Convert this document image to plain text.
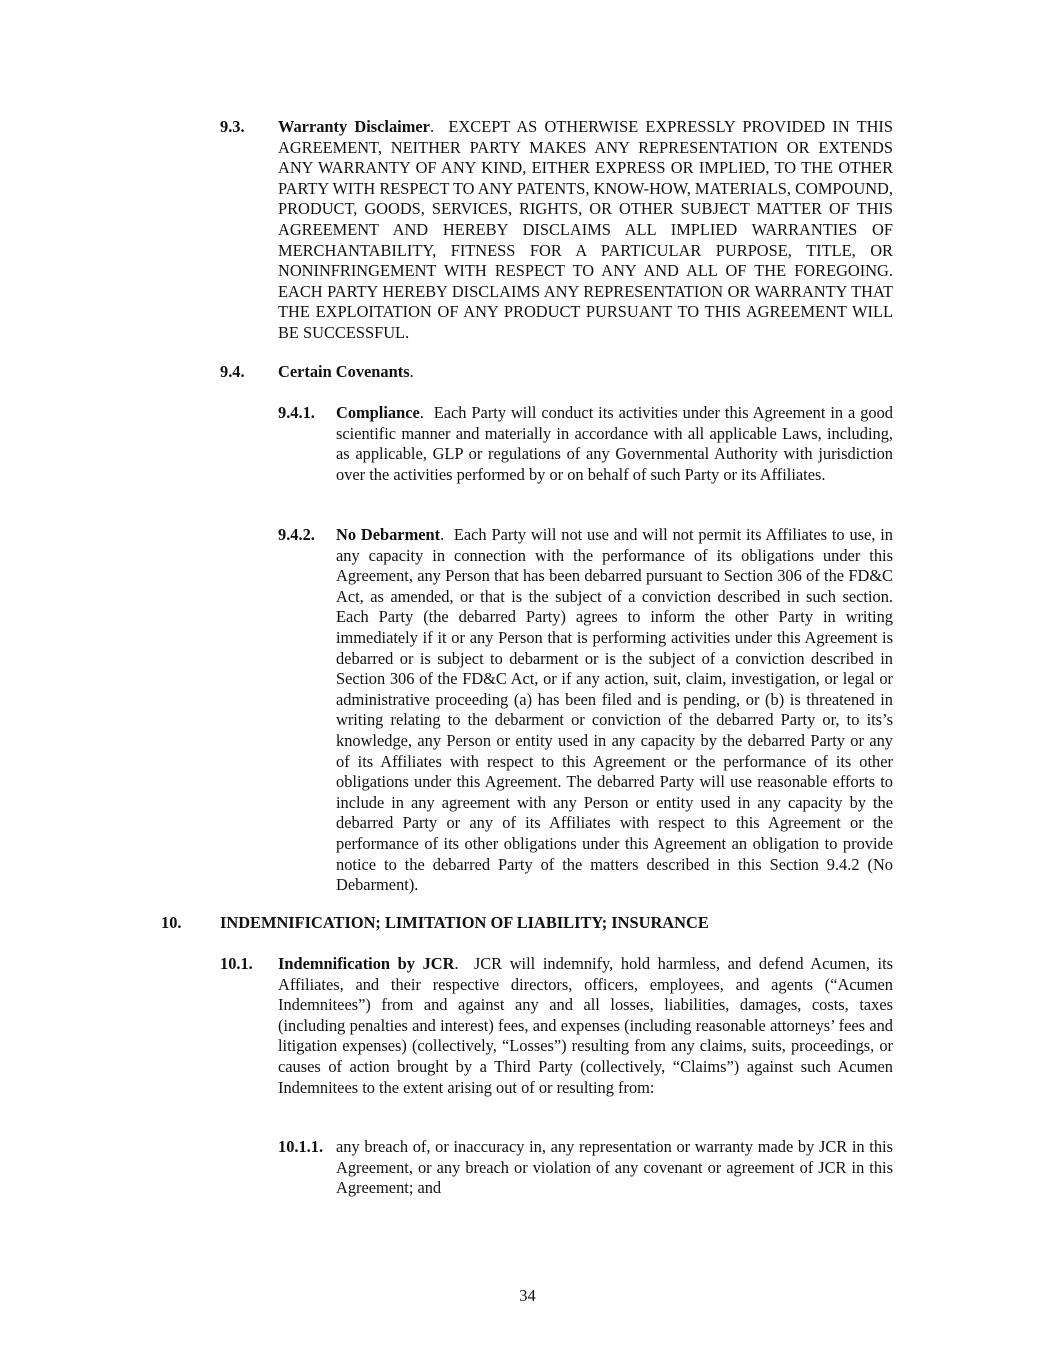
9.3. Warranty Disclaimer. EXCEPT AS OTHERWISE EXPRESSLY PROVIDED IN THIS AGREEMENT, NEITHER PARTY MAKES ANY REPRESENTATION OR EXTENDS ANY WARRANTY OF ANY KIND, EITHER EXPRESS OR IMPLIED, TO THE OTHER PARTY WITH RESPECT TO ANY PATENTS, KNOW-HOW, MATERIALS, COMPOUND, PRODUCT, GOODS, SERVICES, RIGHTS, OR OTHER SUBJECT MATTER OF THIS AGREEMENT AND HEREBY DISCLAIMS ALL IMPLIED WARRANTIES OF MERCHANTABILITY, FITNESS FOR A PARTICULAR PURPOSE, TITLE, OR NONINFRINGEMENT WITH RESPECT TO ANY AND ALL OF THE FOREGOING. EACH PARTY HEREBY DISCLAIMS ANY REPRESENTATION OR WARRANTY THAT THE EXPLOITATION OF ANY PRODUCT PURSUANT TO THIS AGREEMENT WILL BE SUCCESSFUL.

9.4. Certain Covenants.

9.4.1. Compliance. Each Party will conduct its activities under this Agreement in a good scientific manner and materially in accordance with all applicable Laws, including, as applicable, GLP or regulations of any Governmental Authority with jurisdiction over the activities performed by or on behalf of such Party or its Affiliates.

9.4.2. No Debarment. Each Party will not use and will not permit its Affiliates to use, in any capacity in connection with the performance of its obligations under this Agreement, any Person that has been debarred pursuant to Section 306 of the FD&C Act, as amended, or that is the subject of a conviction described in such section. Each Party (the debarred Party) agrees to inform the other Party in writing immediately if it or any Person that is performing activities under this Agreement is debarred or is subject to debarment or is the subject of a conviction described in Section 306 of the FD&C Act, or if any action, suit, claim, investigation, or legal or administrative proceeding (a) has been filed and is pending, or (b) is threatened in writing relating to the debarment or conviction of the debarred Party or, to its’s knowledge, any Person or entity used in any capacity by the debarred Party or any of its Affiliates with respect to this Agreement or the performance of its other obligations under this Agreement. The debarred Party will use reasonable efforts to include in any agreement with any Person or entity used in any capacity by the debarred Party or any of its Affiliates with respect to this Agreement or the performance of its other obligations under this Agreement an obligation to provide notice to the debarred Party of the matters described in this Section 9.4.2 (No Debarment).

10. INDEMNIFICATION; LIMITATION OF LIABILITY; INSURANCE
10.1. Indemnification by JCR. JCR will indemnify, hold harmless, and defend Acumen, its Affiliates, and their respective directors, officers, employees, and agents (“Acumen Indemnitees”) from and against any and all losses, liabilities, damages, costs, taxes (including penalties and interest) fees, and expenses (including reasonable attorneys’ fees and litigation expenses) (collectively, “Losses”) resulting from any claims, suits, proceedings, or causes of action brought by a Third Party (collectively, “Claims”) against such Acumen Indemnitees to the extent arising out of or resulting from:

10.1.1. any breach of, or inaccuracy in, any representation or warranty made by JCR in this Agreement, or any breach or violation of any covenant or agreement of JCR in this Agreement; and

34
